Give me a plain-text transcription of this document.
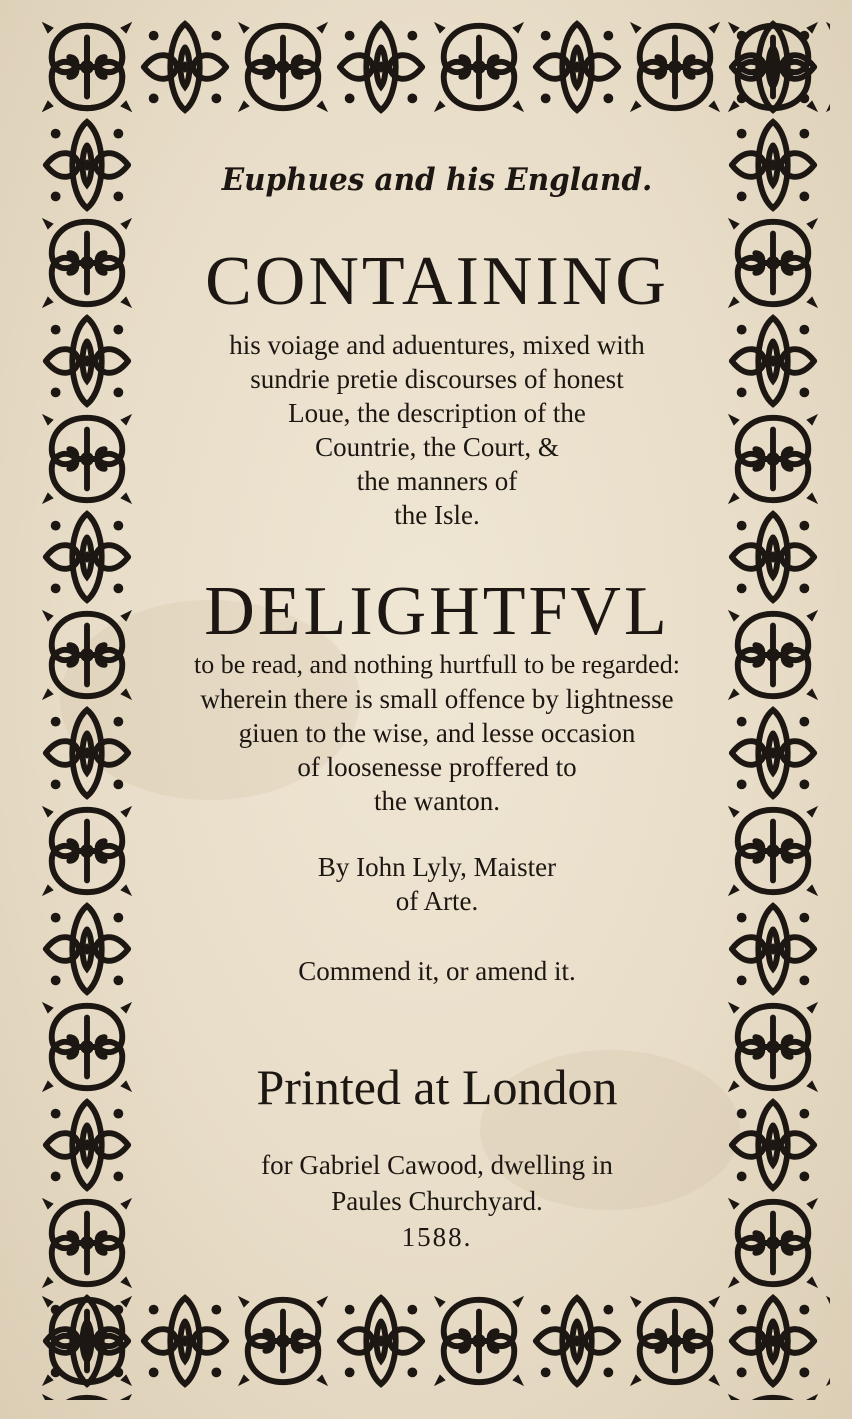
Euphues and his England.
CONTAINING
his voiage and aduentures, mixed with
sundrie pretie discourses of honest
Loue, the description of the
Countrie, the Court, &
the manners of
the Isle.
DELIGHTFVL
to be read, and nothing hurtfull to be regarded:
wherein there is small offence by lightnesse
giuen to the wise, and lesse occasion
of loosenesse proffered to
the wanton.
By Iohn Lyly, Maister
of Arte.
Commend it, or amend it.
Printed at London
for Gabriel Cawood, dwelling in
Paules Churchyard.
1588.
